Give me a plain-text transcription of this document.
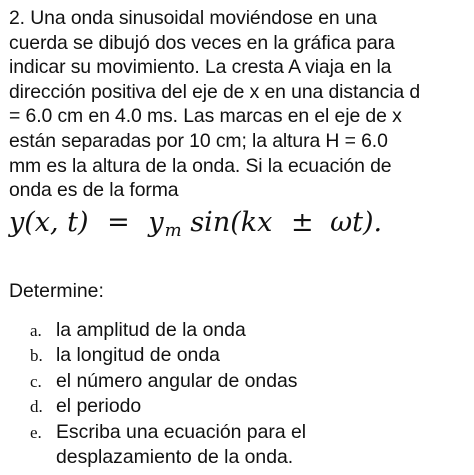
2. Una onda sinusoidal moviéndose en una
cuerda se dibujó dos veces en la gráfica para
indicar su movimiento. La cresta A viaja en la
dirección positiva del eje de x en una distancia d
= 6.0 cm en 4.0 ms. Las marcas en el eje de x
están separadas por 10 cm; la altura H = 6.0
mm es la altura de la onda. Si la ecuación de
onda es de la forma

y(x, $t) = y_m$ sin(kx ± ωt).
Determine:
a. la amplitud de la onda
b. la longitud de onda
c. el número angular de ondas
d. el periodo
e. Escriba una ecuación para el
desplazamiento de la onda.
